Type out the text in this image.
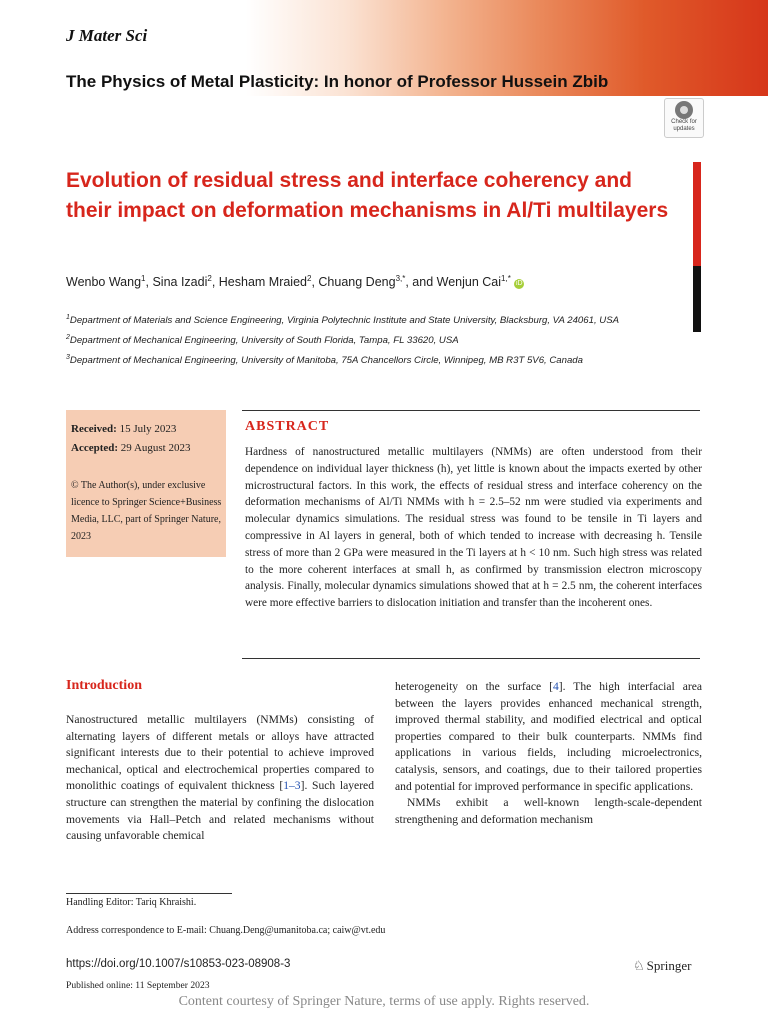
J Mater Sci
The Physics of Metal Plasticity: In honor of Professor Hussein Zbib
Check for updates
Evolution of residual stress and interface coherency and their impact on deformation mechanisms in Al/Ti multilayers
Wenbo Wang$^1$, Sina Izadi$^2$, Hesham Mraied$^2$, Chuang Deng$^{3,*}$, and Wenjun Cai$^{1,*}$ iD
$^1$Department of Materials and Science Engineering, Virginia Polytechnic Institute and State University, Blacksburg, VA 24061, USA
$^2$Department of Mechanical Engineering, University of South Florida, Tampa, FL 33620, USA
$^3$Department of Mechanical Engineering, University of Manitoba, 75A Chancellors Circle, Winnipeg, MB R3T 5V6, Canada
Received: 15 July 2023
Accepted: 29 August 2023
© The Author(s), under exclusive licence to Springer Science+Business Media, LLC, part of Springer Nature, 2023
ABSTRACT
Hardness of nanostructured metallic multilayers (NMMs) are often understood from their dependence on individual layer thickness (h), yet little is known about the impacts exerted by other microstructural factors. In this work, the effects of residual stress and interface coherency on the deformation mechanisms of Al/Ti NMMs with h = 2.5–52 nm were studied via experiments and molecular dynamics simulations. The residual stress was found to be tensile in Ti layers and compressive in Al layers in general, both of which tended to increase with decreasing h. Tensile stress of more than 2 GPa were measured in the Ti layers at h < 10 nm. Such high stress was related to the more coherent interfaces at small h, as confirmed by transmission electron microscopy analysis. Finally, molecular dynamics simulations showed that at h = 2.5 nm, the coherent interfaces were more effective barriers to dislocation initiation and transfer than the incoherent ones.
Introduction

Nanostructured metallic multilayers (NMMs) consisting of alternating layers of different metals or alloys have attracted significant interests due to their potential to achieve improved mechanical, optical and electrochemical properties compared to monolithic coatings of equivalent thickness [1–3]. Such layered structure can strengthen the material by confining the dislocation movements via Hall–Petch and related mechanisms without causing unfavorable chemical

heterogeneity on the surface [4]. The high interfacial area between the layers provides enhanced mechanical strength, improved thermal stability, and modified electrical and optical properties compared to their bulk counterparts. NMMs find applications in various fields, including microelectronics, catalysis, sensors, and coatings, due to their tailored properties and potential for improved performance in specific applications.

NMMs exhibit a well-known length-scale-dependent strengthening and deformation mechanism

Handling Editor: Tariq Khraishi.
Address correspondence to E-mail: Chuang.Deng@umanitoba.ca; caiw@vt.edu
https://doi.org/10.1007/s10853-023-08908-3
Published online: 11 September 2023
♘ Springer
Content courtesy of Springer Nature, terms of use apply. Rights reserved.
